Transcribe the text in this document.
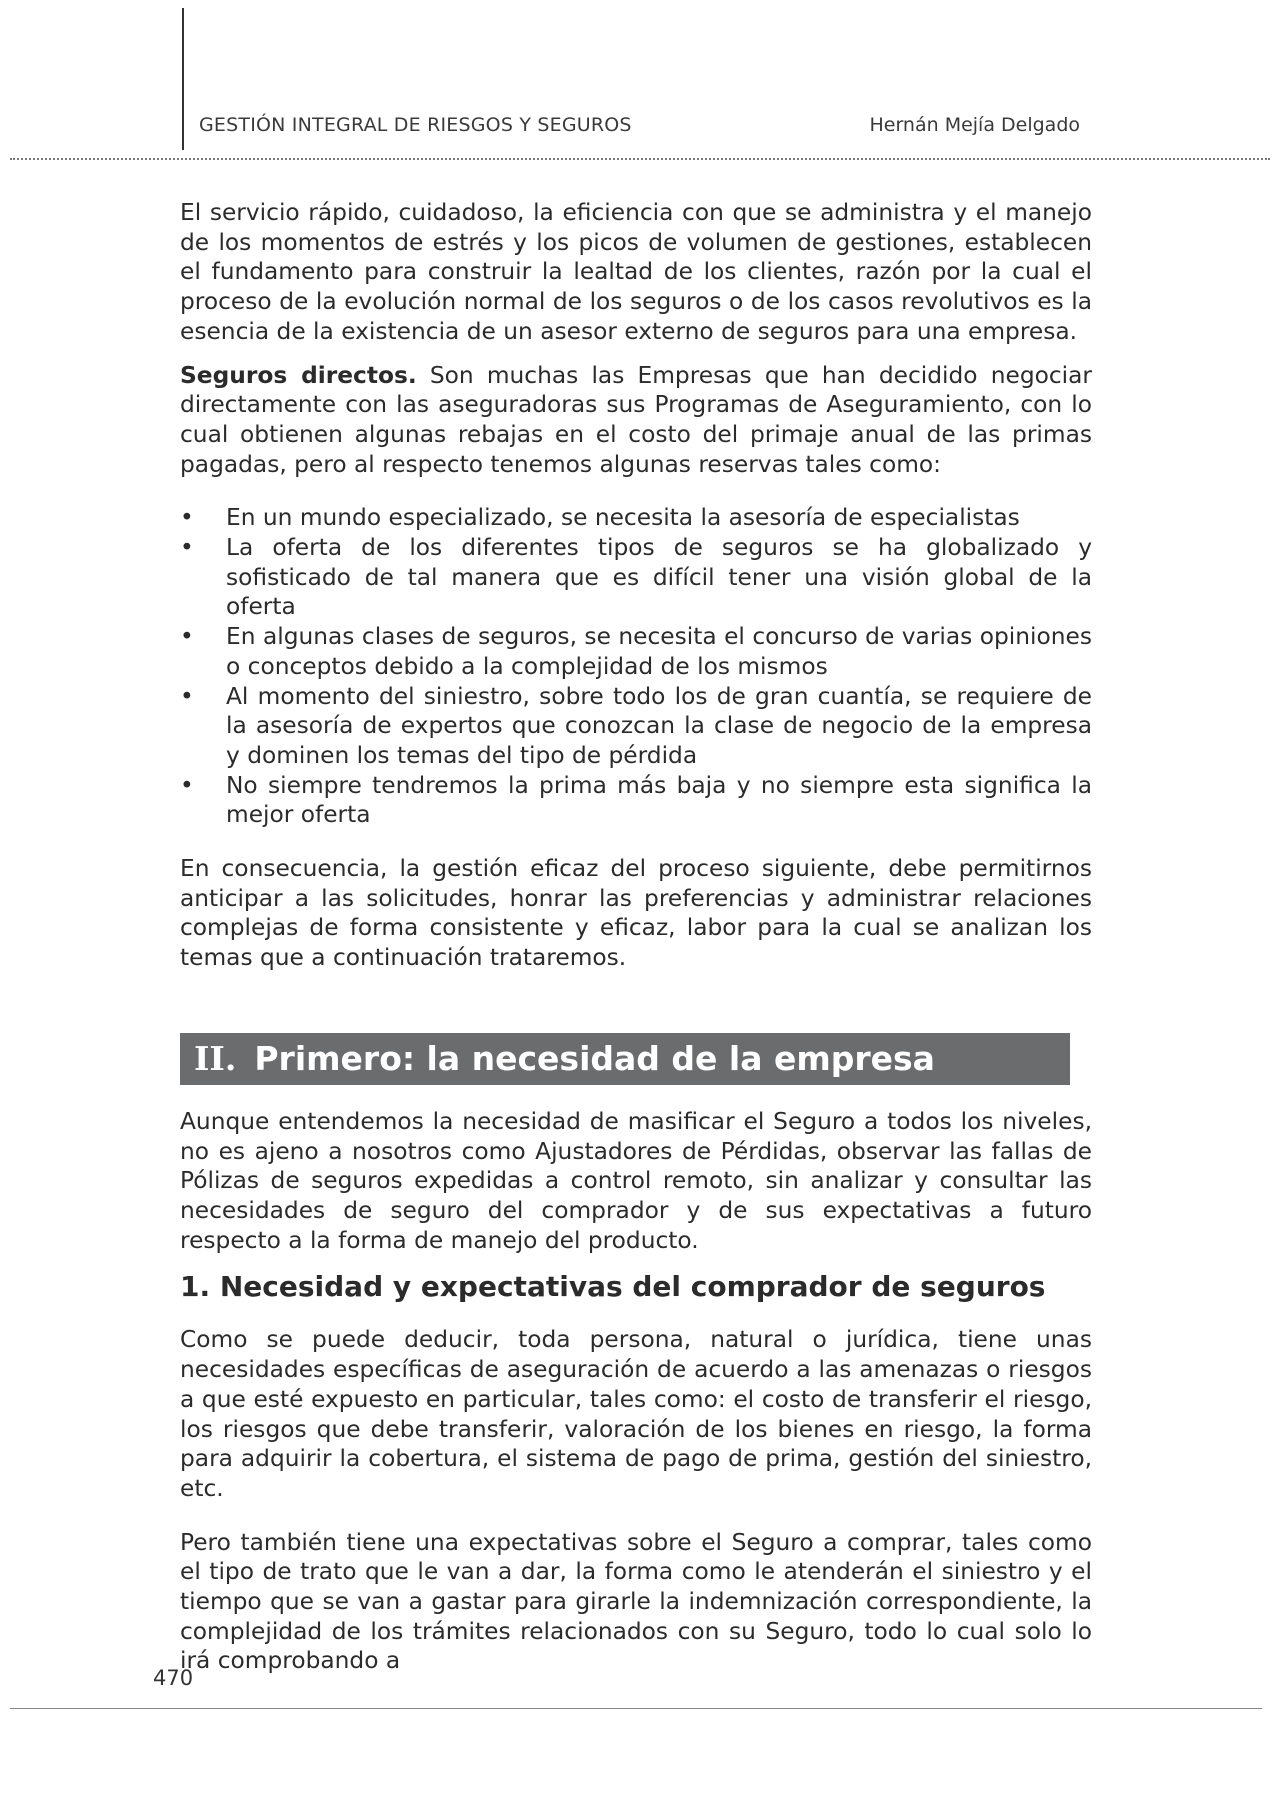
GESTIÓN INTEGRAL DE RIESGOS Y SEGUROS	Hernán Mejía Delgado

El servicio rápido, cuidadoso, la eficiencia con que se administra y el manejo de los momentos de estrés y los picos de volumen de gestiones, establecen el fundamento para construir la lealtad de los clientes, razón por la cual el proceso de la evolución normal de los seguros o de los casos revolutivos es la esencia de la existencia de un asesor externo de seguros para una empresa.

Seguros directos. Son muchas las Empresas que han decidido negociar directamente con las aseguradoras sus Programas de Aseguramiento, con lo cual obtienen algunas rebajas en el costo del primaje anual de las primas pagadas, pero al respecto tenemos algunas reservas tales como:

• En un mundo especializado, se necesita la asesoría de especialistas
• La oferta de los diferentes tipos de seguros se ha globalizado y sofisticado de tal manera que es difícil tener una visión global de la oferta
• En algunas clases de seguros, se necesita el concurso de varias opiniones o conceptos debido a la complejidad de los mismos
• Al momento del siniestro, sobre todo los de gran cuantía, se requiere de la asesoría de expertos que conozcan la clase de negocio de la empresa y dominen los temas del tipo de pérdida
• No siempre tendremos la prima más baja y no siempre esta significa la mejor oferta

En consecuencia, la gestión eficaz del proceso siguiente, debe permitirnos anticipar a las solicitudes, honrar las preferencias y administrar relaciones complejas de forma consistente y eficaz, labor para la cual se analizan los temas que a continuación trataremos.

II. Primero: la necesidad de la empresa

Aunque entendemos la necesidad de masificar el Seguro a todos los niveles, no es ajeno a nosotros como Ajustadores de Pérdidas, observar las fallas de Pólizas de seguros expedidas a control remoto, sin analizar y consultar las necesidades de seguro del comprador y de sus expectativas a futuro respecto a la forma de manejo del producto.

1. Necesidad y expectativas del comprador de seguros

Como se puede deducir, toda persona, natural o jurídica, tiene unas necesidades específicas de aseguración de acuerdo a las amenazas o riesgos a que esté expuesto en particular, tales como: el costo de transferir el riesgo, los riesgos que debe transferir, valoración de los bienes en riesgo, la forma para adquirir la cobertura, el sistema de pago de prima, gestión del siniestro, etc.

Pero también tiene una expectativas sobre el Seguro a comprar, tales como el tipo de trato que le van a dar, la forma como le atenderán el siniestro y el tiempo que se van a gastar para girarle la indemnización correspondiente, la complejidad de los trámites relacionados con su Seguro, todo lo cual solo lo irá comprobando a

470
